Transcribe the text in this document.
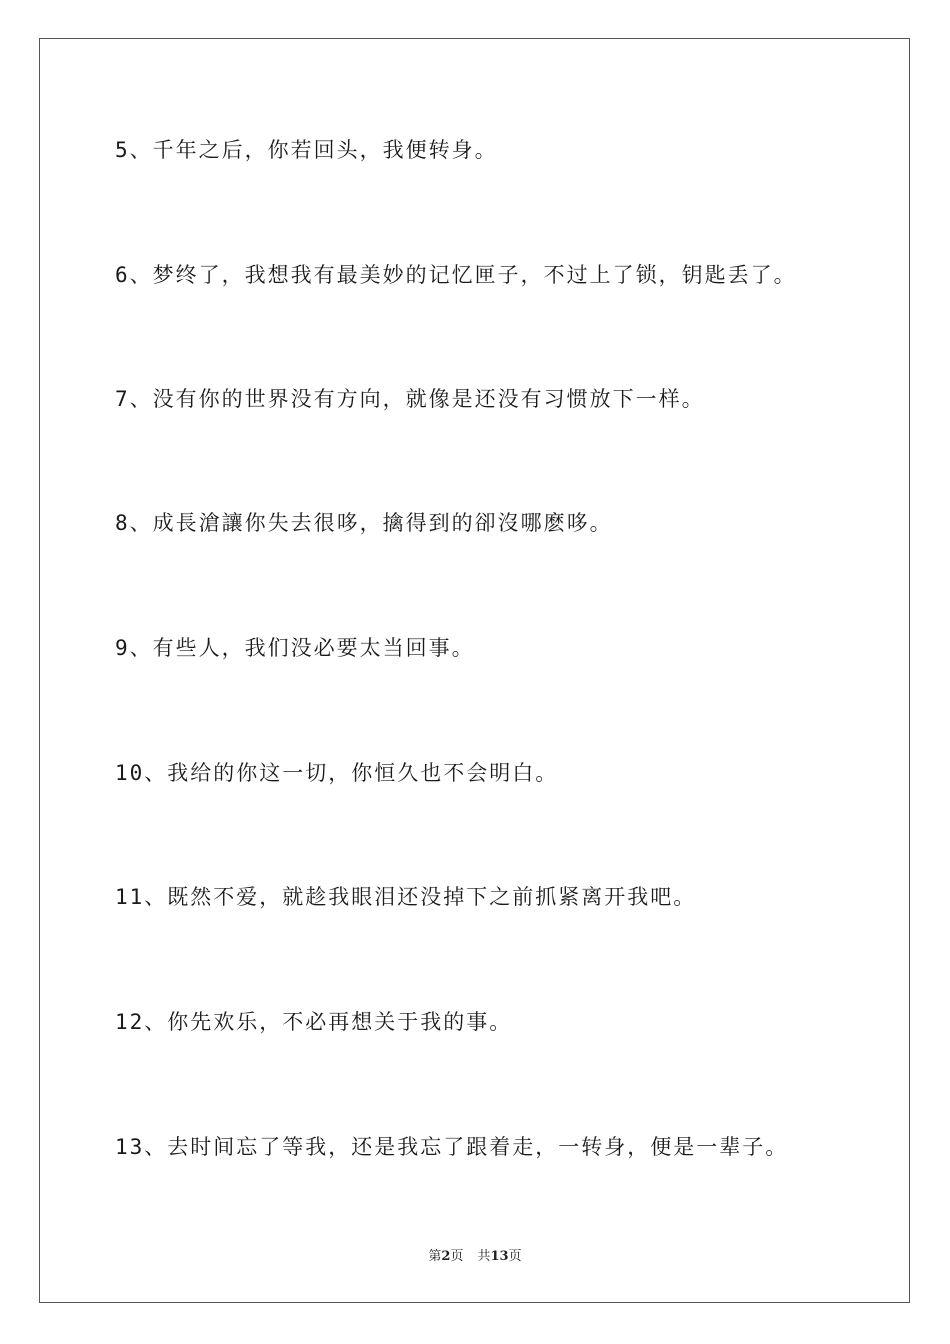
5、千年之后，你若回头，我便转身。
6、梦终了，我想我有最美妙的记忆匣子，不过上了锁，钥匙丢了。
7、没有你的世界没有方向，就像是还没有习惯放下一样。
8、成長滄讓你失去很哆，擒得到的卻沒哪麽哆。
9、有些人，我们没必要太当回事。
10、我给的你这一切，你恒久也不会明白。
11、既然不爱，就趁我眼泪还没掉下之前抓紧离开我吧。
12、你先欢乐，不必再想关于我的事。
13、去时间忘了等我，还是我忘了跟着走，一转身，便是一辈子。
第2页 共13页
